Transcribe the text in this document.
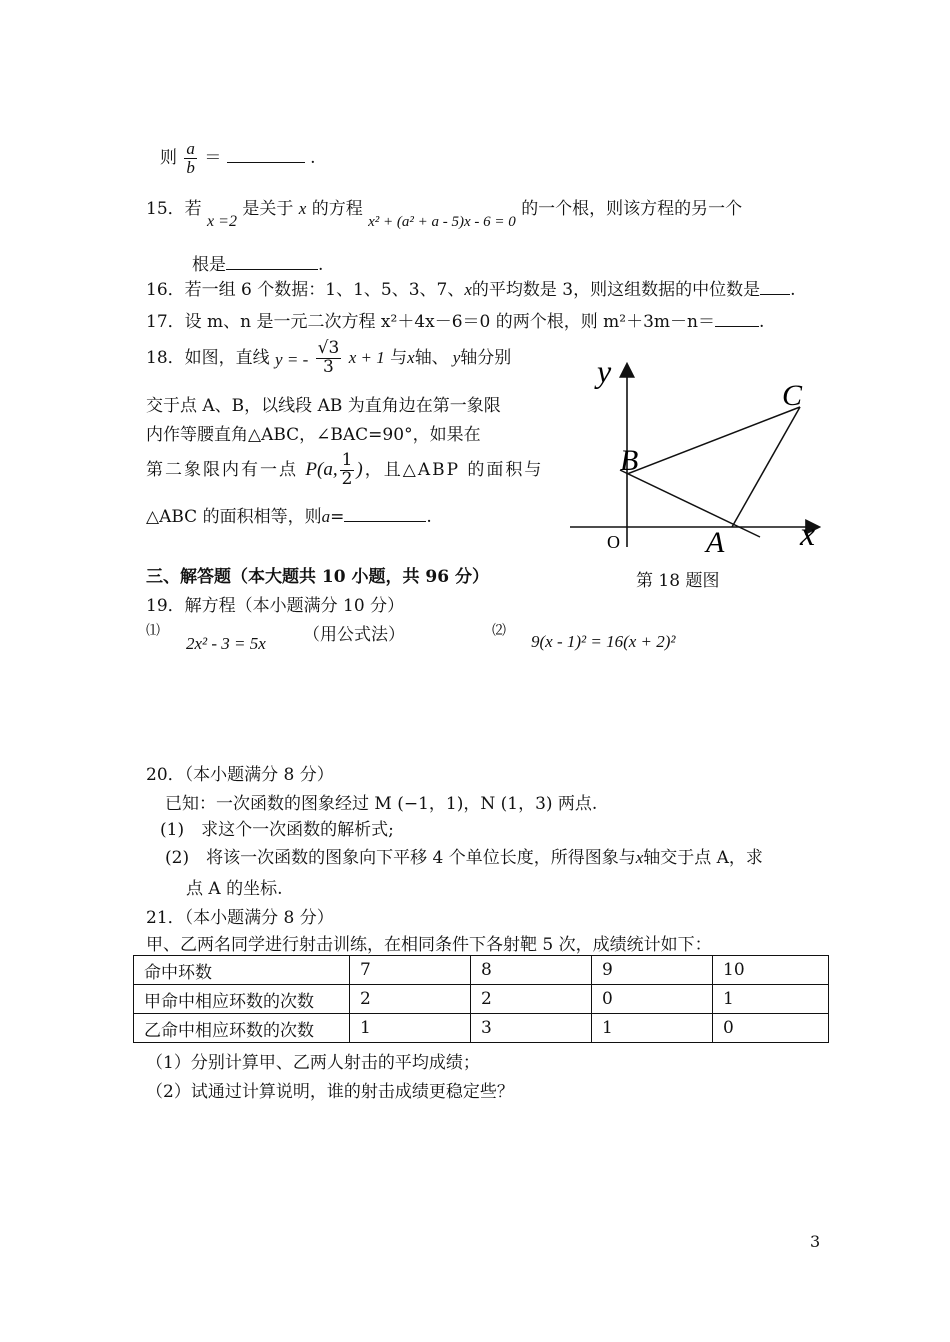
则 $\frac{a}{b}$ ＝	.
15．若 x =2 是关于 x 的方程 x² + (a² + a - 5)x - 6 = 0 的一个根，则该方程的另一个
根是	.
16．若一组 6 个数据：1、1、5、3、7、x的平均数是 3，则这组数据的中位数是 .
17．设 m、n 是一元二次方程 x²＋4x－6＝0 的两个根，则 m²＋3m－n＝	.
18．如图，直线 y = - $\frac{√3}{3}$ x + 1 与x轴、 y轴分别
交于点 A、B，以线段 AB 为直角边在第一象限
内作等腰直角△ABC，∠BAC=90°，如果在
第二象限内有一点 P(a, $\frac{1}{2}$ )，且△ABP 的面积与
△ABC 的面积相等，则a=	.
y
x
O	A
B
C
第 18 题图
三、解答题（本大题共 10 小题，共 96 分）
19．解方程（本小题满分 10 分）
⑴
2x² - 3 = 5x （用公式法）	⑵
9(x - 1)² = 16(x + 2)²
20．（本小题满分 8 分）
已知：一次函数的图象经过 M (−1，1)，N (1，3) 两点.
(1)　求这个一次函数的解析式;
(2)　将该一次函数的图象向下平移 4 个单位长度，所得图象与x轴交于点 A，求
点 A 的坐标.
21．（本小题满分 8 分）
甲、乙两名同学进行射击训练，在相同条件下各射靶 5 次，成绩统计如下：
命中环数	7	8	9	10
甲命中相应环数的次数	2	2	0	1
乙命中相应环数的次数	1	3	1	0
（1）分别计算甲、乙两人射击的平均成绩；
（2）试通过计算说明，谁的射击成绩更稳定些？
3
